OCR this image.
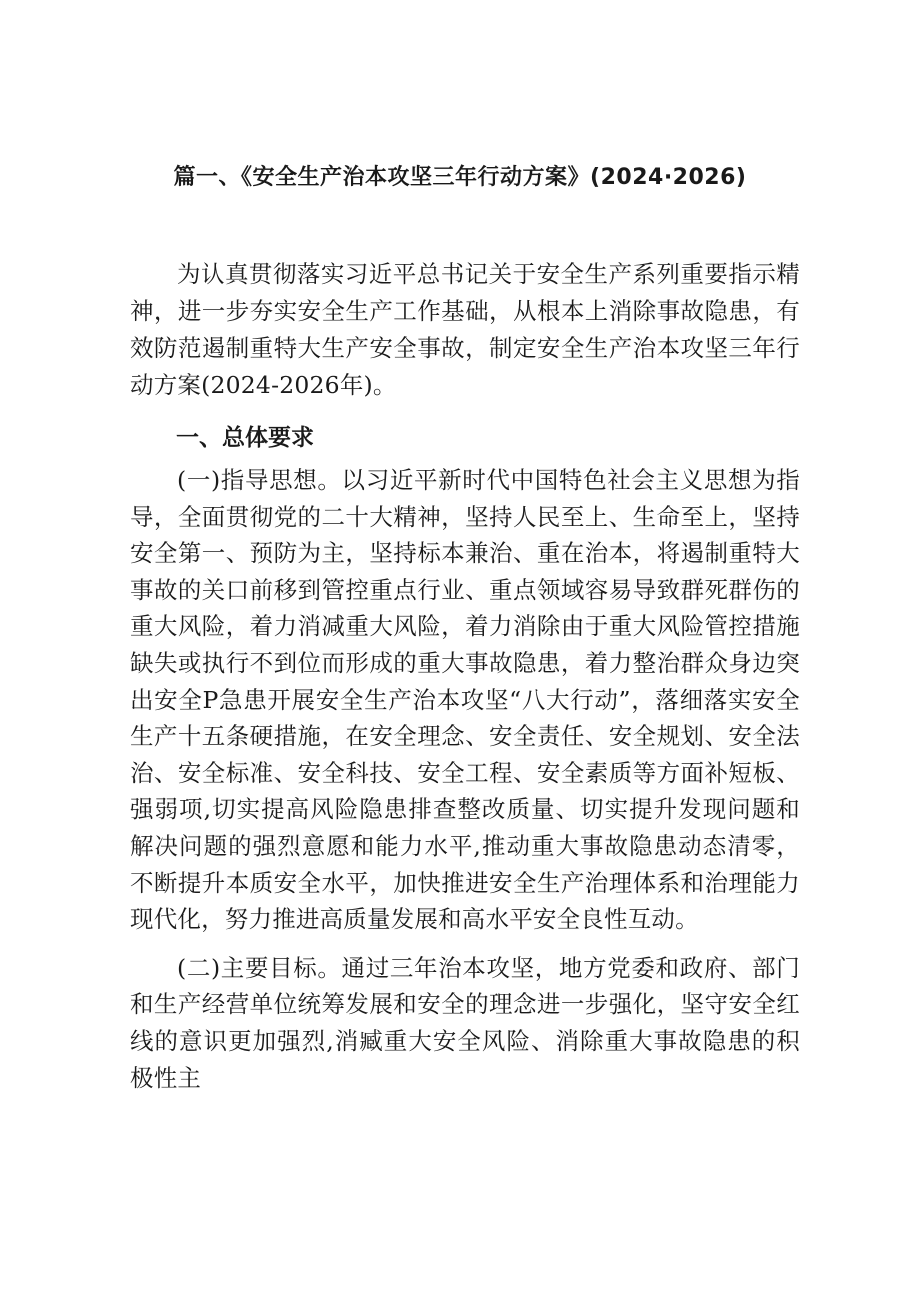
篇一、《安全生产治本攻坚三年行动方案》(2024·2026)

为认真贯彻落实习近平总书记关于安全生产系列重要指示精神，进一步夯实安全生产工作基础，从根本上消除事故隐患，有效防范遏制重特大生产安全事故，制定安全生产治本攻坚三年行动方案(2024-2026年)。

一、总体要求

(一)指导思想。以习近平新时代中国特色社会主义思想为指导，全面贯彻党的二十大精神，坚持人民至上、生命至上，坚持安全第一、预防为主，坚持标本兼治、重在治本，将遏制重特大事故的关口前移到管控重点行业、重点领域容易导致群死群伤的重大风险，着力消减重大风险，着力消除由于重大风险管控措施缺失或执行不到位而形成的重大事故隐患，着力整治群众身边突出安全P急患开展安全生产治本攻坚“八大行动”，落细落实安全生产十五条硬措施，在安全理念、安全责任、安全规划、安全法治、安全标准、安全科技、安全工程、安全素质等方面补短板、强弱项,切实提高风险隐患排查整改质量、切实提升发现问题和解决问题的强烈意愿和能力水平,推动重大事故隐患动态清零，不断提升本质安全水平，加快推进安全生产治理体系和治理能力现代化，努力推进高质量发展和高水平安全良性互动。

(二)主要目标。通过三年治本攻坚，地方党委和政府、部门和生产经营单位统筹发展和安全的理念进一步强化，坚守安全红线的意识更加强烈,消臧重大安全风险、消除重大事故隐患的积极性主
